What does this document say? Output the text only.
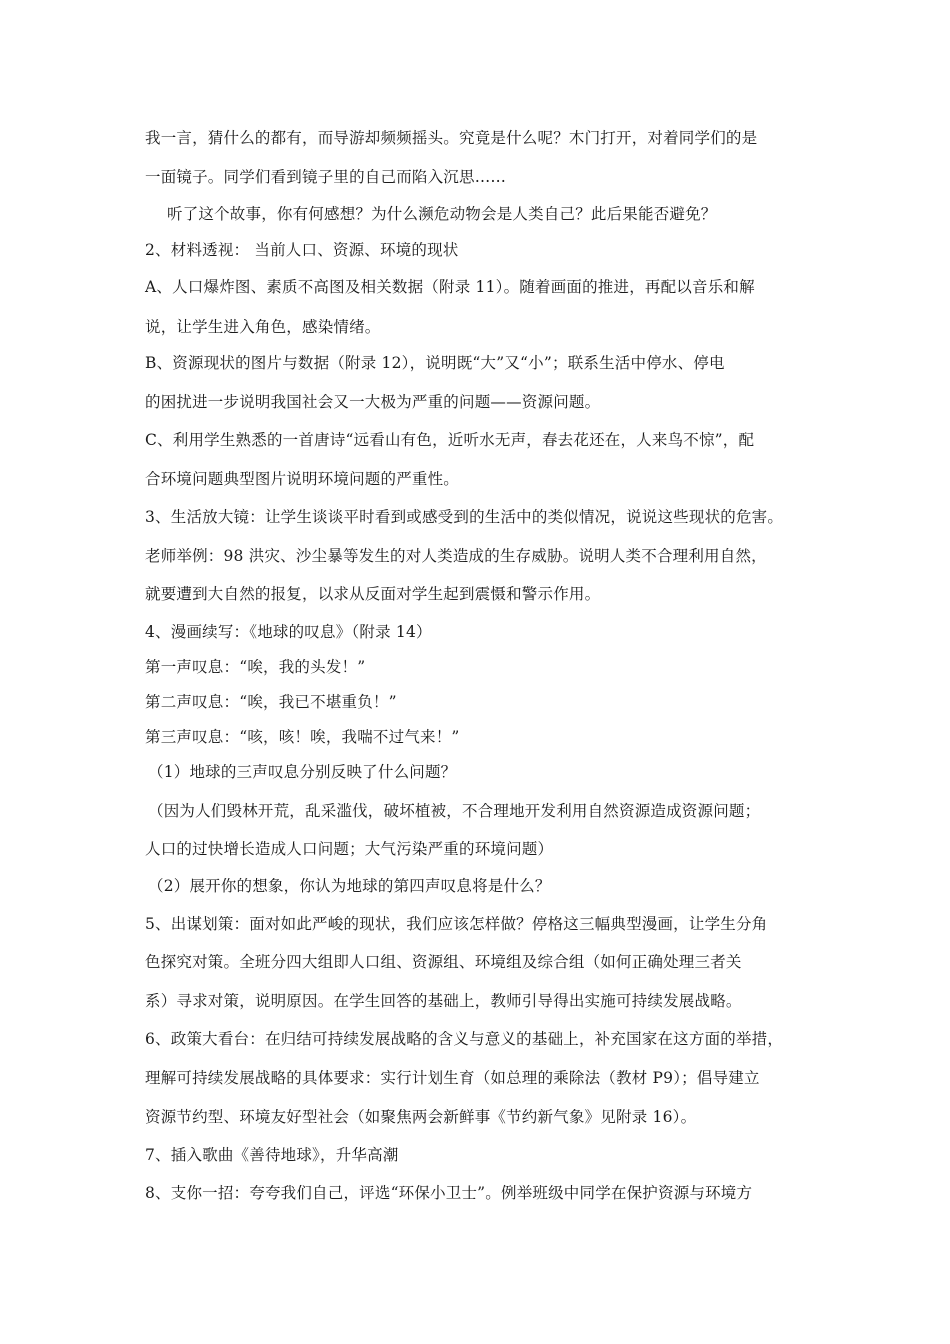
我一言，猜什么的都有，而导游却频频摇头。究竟是什么呢？木门打开，对着同学们的是
一面镜子。同学们看到镜子里的自己而陷入沉思……
听了这个故事，你有何感想？为什么濒危动物会是人类自己？此后果能否避免？
2、材料透视： 当前人口、资源、环境的现状
A、人口爆炸图、素质不高图及相关数据（附录 11）。随着画面的推进，再配以音乐和解
说，让学生进入角色，感染情绪。
B、资源现状的图片与数据（附录 12），说明既“大”又“小”；联系生活中停水、停电
的困扰进一步说明我国社会又一大极为严重的问题——资源问题。
C、利用学生熟悉的一首唐诗“远看山有色，近听水无声，春去花还在，人来鸟不惊”，配
合环境问题典型图片说明环境问题的严重性。
3、生活放大镜：让学生谈谈平时看到或感受到的生活中的类似情况，说说这些现状的危害。
老师举例：98 洪灾、沙尘暴等发生的对人类造成的生存威胁。说明人类不合理利用自然，
就要遭到大自然的报复，以求从反面对学生起到震慑和警示作用。
4、漫画续写：《地球的叹息》（附录 14）
第一声叹息：“唉，我的头发！”
第二声叹息：“唉，我已不堪重负！”
第三声叹息：“咳，咳！唉，我喘不过气来！”
（1）地球的三声叹息分别反映了什么问题？
（因为人们毁林开荒，乱采滥伐，破坏植被，不合理地开发利用自然资源造成资源问题；
人口的过快增长造成人口问题；大气污染严重的环境问题）
（2）展开你的想象，你认为地球的第四声叹息将是什么？
5、出谋划策：面对如此严峻的现状，我们应该怎样做？停格这三幅典型漫画，让学生分角
色探究对策。全班分四大组即人口组、资源组、环境组及综合组（如何正确处理三者关
系）寻求对策，说明原因。在学生回答的基础上，教师引导得出实施可持续发展战略。
6、政策大看台：在归结可持续发展战略的含义与意义的基础上，补充国家在这方面的举措，
理解可持续发展战略的具体要求：实行计划生育（如总理的乘除法（教材 P9）；倡导建立
资源节约型、环境友好型社会（如聚焦两会新鲜事《节约新气象》见附录 16）。
7、插入歌曲《善待地球》，升华高潮
8、支你一招：夸夸我们自己，评选“环保小卫士”。例举班级中同学在保护资源与环境方
